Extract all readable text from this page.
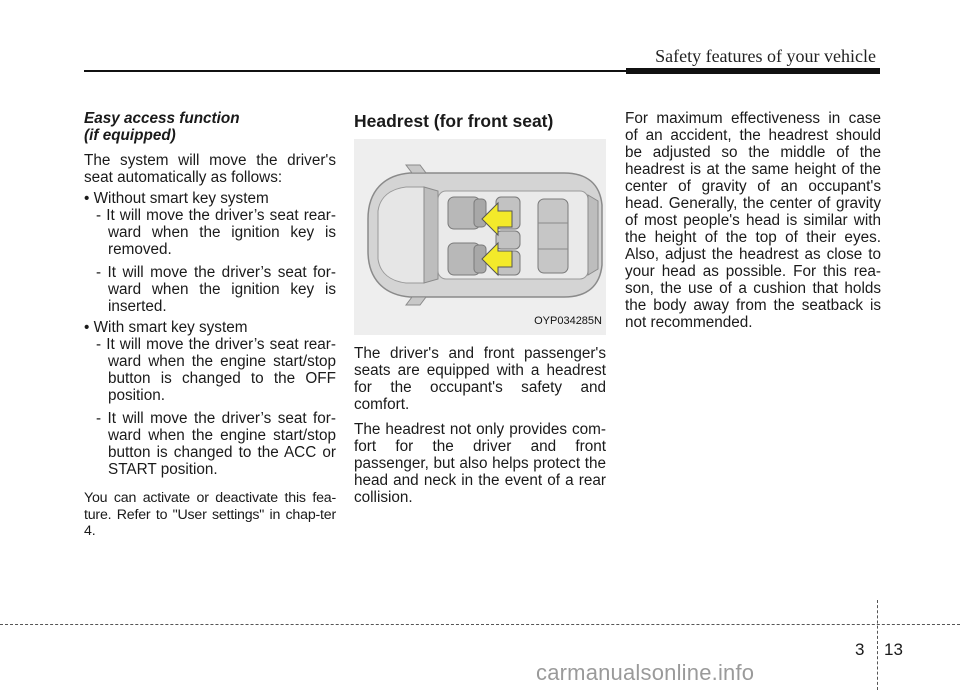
Safety features of your vehicle
Easy access function
(if equipped)

The system will move the driver's seat automatically as follows:

• Without smart key system
- It will move the driver’s seat rear-ward when the ignition key is removed.
- It will move the driver’s seat for-ward when the ignition key is inserted.
• With smart key system
- It will move the driver’s seat rear-ward when the engine start/stop button is changed to the OFF position.
- It will move the driver’s seat for-ward when the engine start/stop button is changed to the ACC or START position.

You can activate or deactivate this fea-ture. Refer to "User settings" in chap-ter 4.

Headrest (for front seat)
OYP034285N

The driver's and front passenger's seats are equipped with a headrest for the occupant's safety and comfort.

The headrest not only provides com-fort for the driver and front passenger, but also helps protect the head and neck in the event of a rear collision.

For maximum effectiveness in case of an accident, the headrest should be adjusted so the middle of the headrest is at the same height of the center of gravity of an occupant's head. Generally, the center of gravity of most people's head is similar with the height of the top of their eyes. Also, adjust the headrest as close to your head as possible. For this rea-son, the use of a cushion that holds the body away from the seatback is not recommended.

3 13
carmanualsonline.info
